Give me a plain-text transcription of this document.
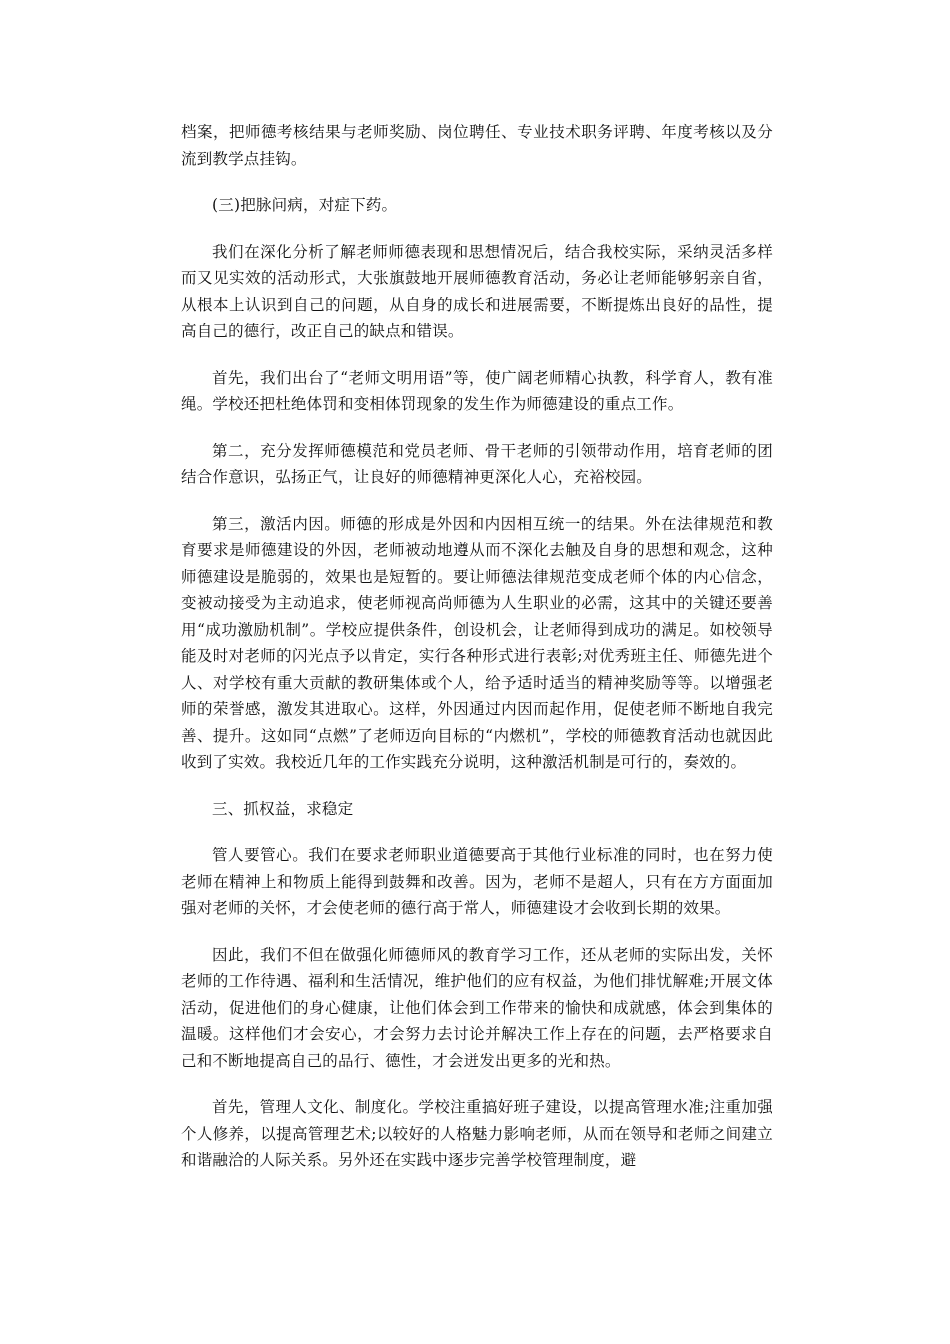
档案，把师德考核结果与老师奖励、岗位聘任、专业技术职务评聘、年度考核以及分流到教学点挂钩。

(三)把脉问病，对症下药。

我们在深化分析了解老师师德表现和思想情况后，结合我校实际，采纳灵活多样而又见实效的活动形式，大张旗鼓地开展师德教育活动，务必让老师能够躬亲自省，从根本上认识到自己的问题，从自身的成长和进展需要，不断提炼出良好的品性，提高自己的德行，改正自己的缺点和错误。

首先，我们出台了“老师文明用语”等，使广阔老师精心执教，科学育人，教有准绳。学校还把杜绝体罚和变相体罚现象的发生作为师德建设的重点工作。

第二，充分发挥师德模范和党员老师、骨干老师的引领带动作用，培育老师的团结合作意识，弘扬正气，让良好的师德精神更深化人心，充裕校园。

第三，激活内因。师德的形成是外因和内因相互统一的结果。外在法律规范和教育要求是师德建设的外因，老师被动地遵从而不深化去触及自身的思想和观念，这种师德建设是脆弱的，效果也是短暂的。要让师德法律规范变成老师个体的内心信念，变被动接受为主动追求，使老师视高尚师德为人生职业的必需，这其中的关键还要善用“成功激励机制”。学校应提供条件，创设机会，让老师得到成功的满足。如校领导能及时对老师的闪光点予以肯定，实行各种形式进行表彰;对优秀班主任、师德先进个人、对学校有重大贡献的教研集体或个人，给予适时适当的精神奖励等等。以增强老师的荣誉感，激发其进取心。这样，外因通过内因而起作用，促使老师不断地自我完善、提升。这如同“点燃”了老师迈向目标的“内燃机”，学校的师德教育活动也就因此收到了实效。我校近几年的工作实践充分说明，这种激活机制是可行的，奏效的。

三、抓权益，求稳定

管人要管心。我们在要求老师职业道德要高于其他行业标准的同时，也在努力使老师在精神上和物质上能得到鼓舞和改善。因为，老师不是超人，只有在方方面面加强对老师的关怀，才会使老师的德行高于常人，师德建设才会收到长期的效果。

因此，我们不但在做强化师德师风的教育学习工作，还从老师的实际出发，关怀老师的工作待遇、福利和生活情况，维护他们的应有权益，为他们排忧解难;开展文体活动，促进他们的身心健康，让他们体会到工作带来的愉快和成就感，体会到集体的温暖。这样他们才会安心，才会努力去讨论并解决工作上存在的问题，去严格要求自己和不断地提高自己的品行、德性，才会迸发出更多的光和热。

首先，管理人文化、制度化。学校注重搞好班子建设，以提高管理水准;注重加强个人修养，以提高管理艺术;以较好的人格魅力影响老师，从而在领导和老师之间建立和谐融洽的人际关系。另外还在实践中逐步完善学校管理制度，避
